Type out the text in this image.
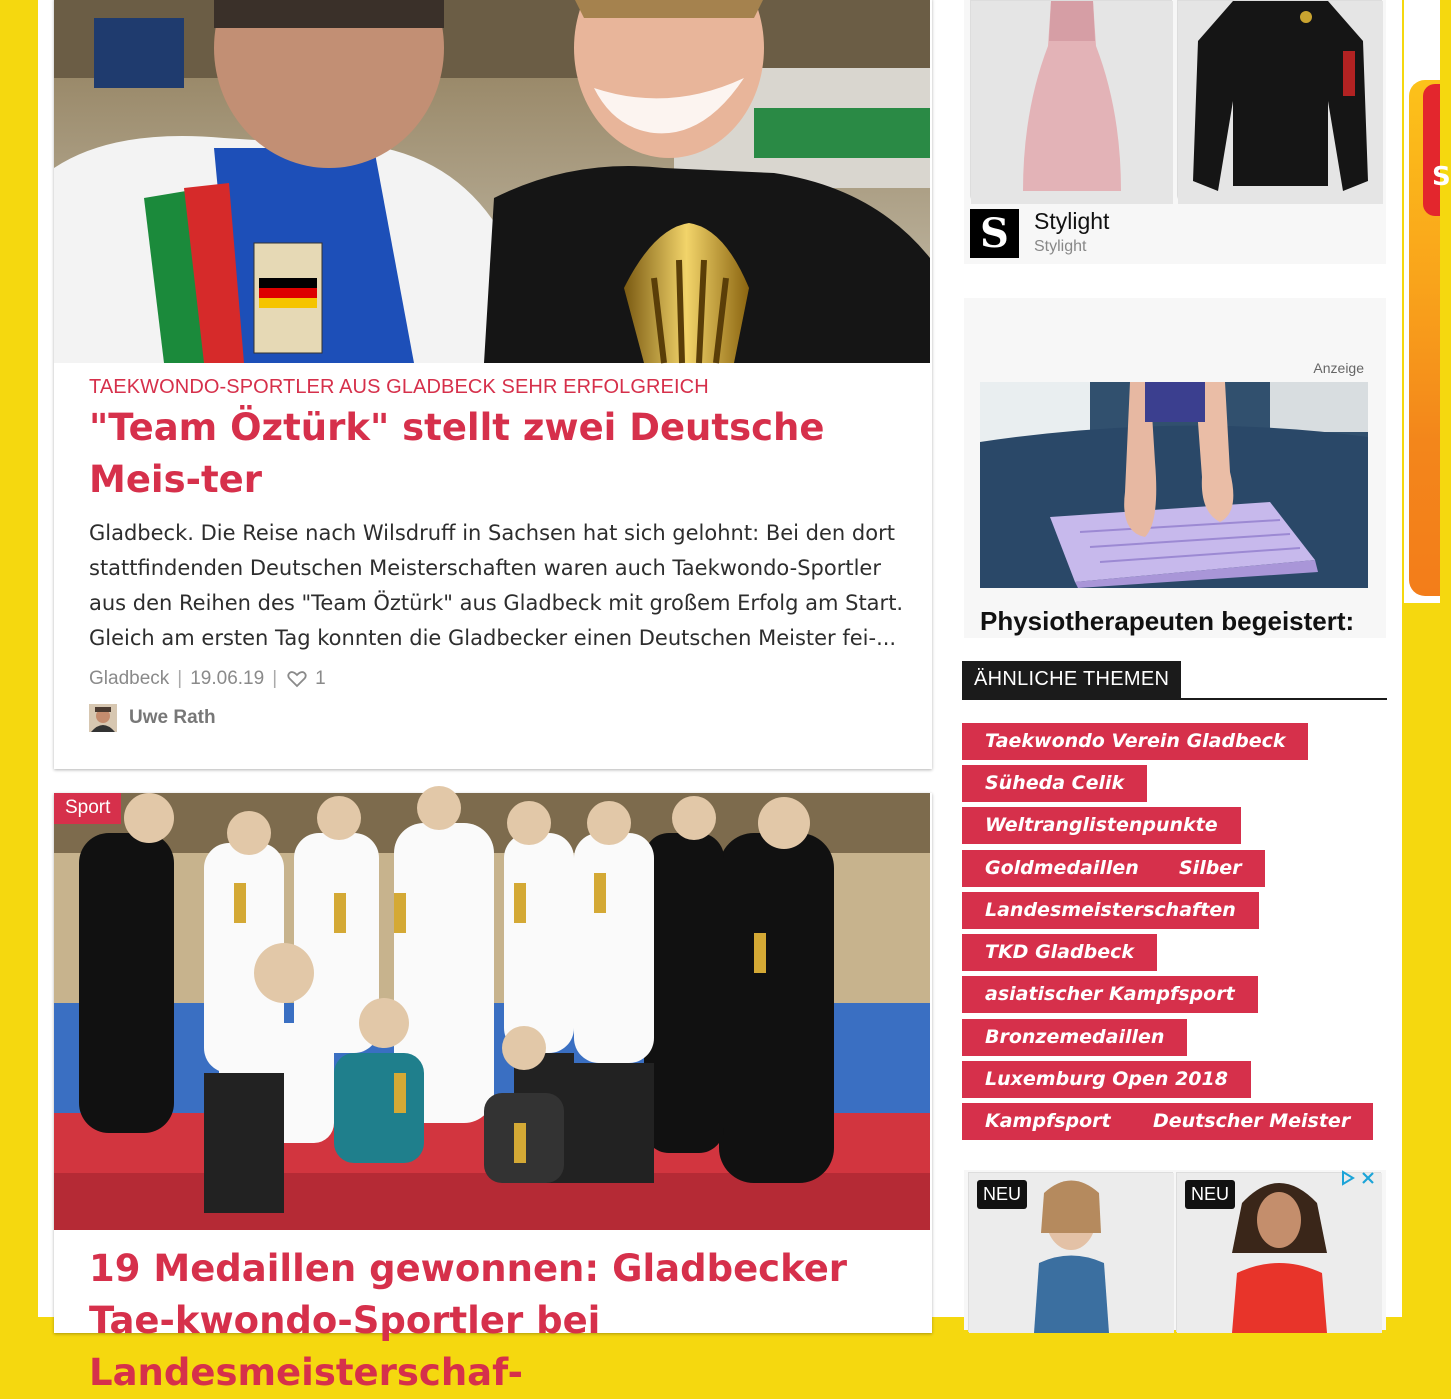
S
TAEKWONDO-SPORTLER AUS GLADBECK SEHR ERFOLGREICH
"Team Öztürk" stellt zwei Deutsche Meis-ter
Gladbeck. Die Reise nach Wilsdruff in Sachsen hat sich gelohnt: Bei den dort stattfindenden Deutschen Meisterschaften waren auch Taekwondo-Sportler aus den Reihen des "Team Öztürk" aus Gladbeck mit großem Erfolg am Start. Gleich am ersten Tag konnten die Gladbecker einen Deutschen Meister fei-...
Gladbeck | 19.06.19 | 1
Uwe Rath
Sport
19 Medaillen gewonnen: Gladbecker Tae-kwondo-Sportler bei Landesmeisterschaf-
S	Stylight
Stylight
Anzeige
Physiotherapeuten begeistert:
ÄHNLICHE THEMEN
Taekwondo Verein Gladbeck
Süheda Celik
Weltranglistenpunkte
Goldmedaillen	Silber
Landesmeisterschaften
TKD Gladbeck
asiatischer Kampfsport
Bronzemedaillen
Luxemburg Open 2018
Kampfsport	Deutscher Meister
NEU	NEU
